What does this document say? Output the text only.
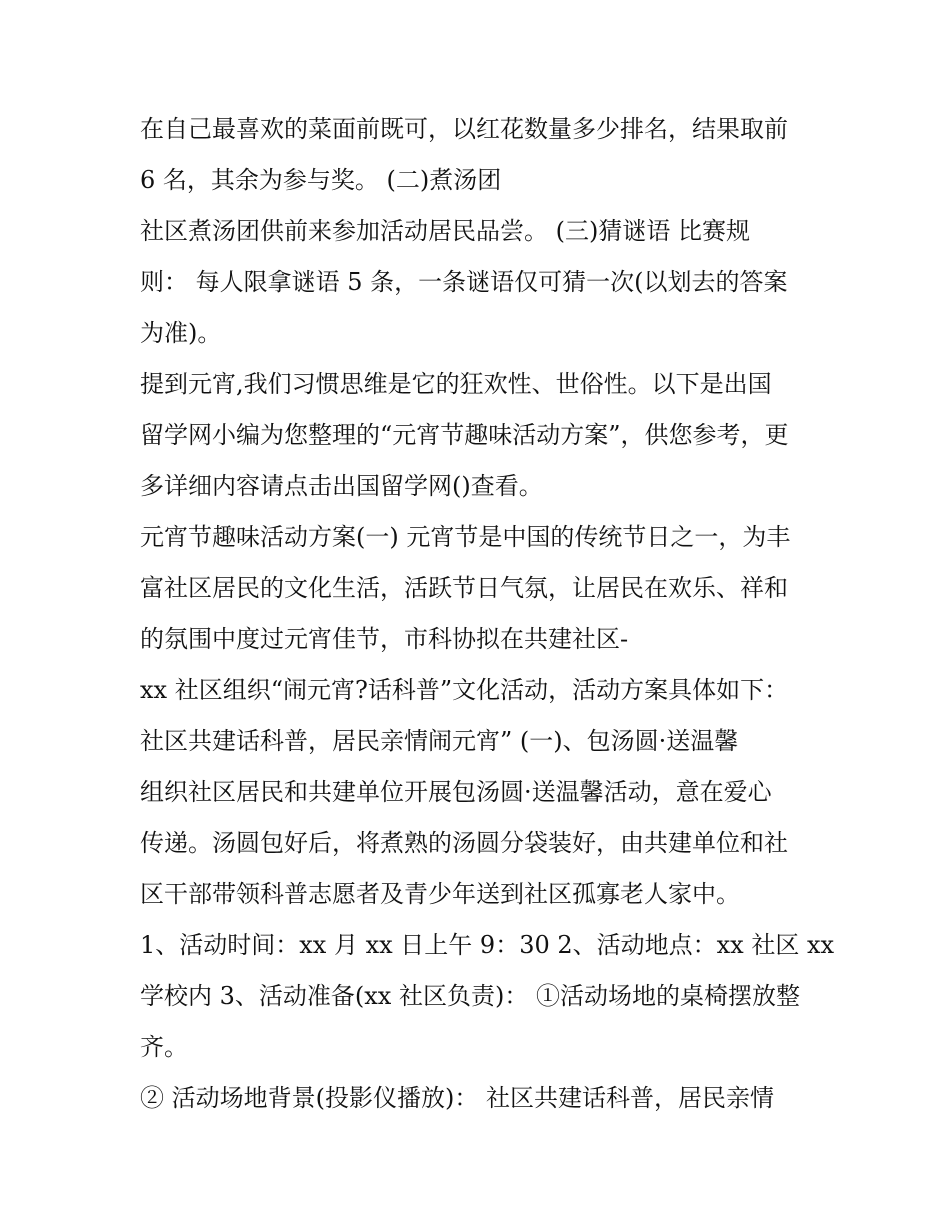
在自己最喜欢的菜面前既可，以红花数量多少排名，结果取前
6 名，其余为参与奖。 (二)煮汤团
社区煮汤团供前来参加活动居民品尝。 (三)猜谜语 比赛规
则： 每人限拿谜语 5 条，一条谜语仅可猜一次(以划去的答案
为准)。
提到元宵,我们习惯思维是它的狂欢性、世俗性。以下是出国
留学网小编为您整理的“元宵节趣味活动方案”，供您参考，更
多详细内容请点击出国留学网()查看。
元宵节趣味活动方案(一) 元宵节是中国的传统节日之一，为丰
富社区居民的文化生活，活跃节日气氛，让居民在欢乐、祥和
的氛围中度过元宵佳节，市科协拟在共建社区-
xx 社区组织“闹元宵?话科普”文化活动，活动方案具体如下：
社区共建话科普，居民亲情闹元宵” (一)、包汤圆·送温馨
组织社区居民和共建单位开展包汤圆·送温馨活动，意在爱心
传递。汤圆包好后，将煮熟的汤圆分袋装好，由共建单位和社
区干部带领科普志愿者及青少年送到社区孤寡老人家中。
1、活动时间：xx 月 xx 日上午 9：30 2、活动地点：xx 社区 xx
学校内 3、活动准备(xx 社区负责)： ①活动场地的桌椅摆放整
齐。
② 活动场地背景(投影仪播放)： 社区共建话科普，居民亲情
